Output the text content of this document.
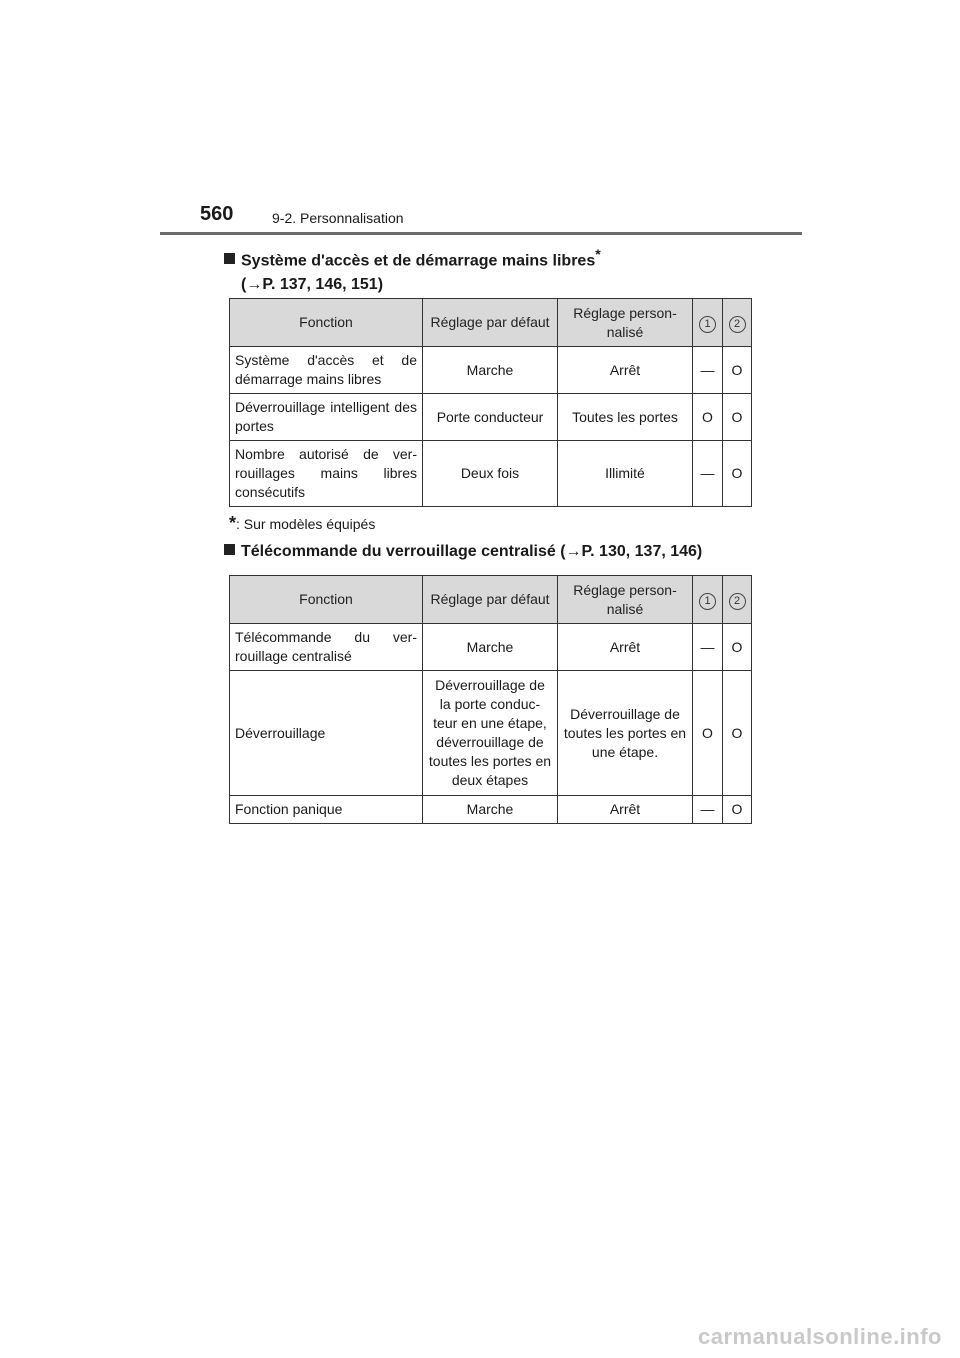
560	9-2. Personnalisation
Système d'accès et de démarrage mains libres*
(→P. 137, 146, 151)
Fonction	Réglage par défaut	Réglage person-nalisé	1	2
Système d'accès et de démarrage mains libres	Marche	Arrêt	—	O
Déverrouillage intelligent des portes	Porte conducteur	Toutes les portes	O	O
Nombre autorisé de ver-rouillages mains libres consécutifs	Deux fois	Illimité	—	O
*: Sur modèles équipés
Télécommande du verrouillage centralisé (→P. 130, 137, 146)
Fonction	Réglage par défaut	Réglage person-nalisé	1	2
Télécommande du ver-rouillage centralisé	Marche	Arrêt	—	O
Déverrouillage	Déverrouillage de la porte conduc-teur en une étape, déverrouillage de toutes les portes en deux étapes	Déverrouillage de toutes les portes en une étape.	O	O
Fonction panique	Marche	Arrêt	—	O
carmanualsonline.info
